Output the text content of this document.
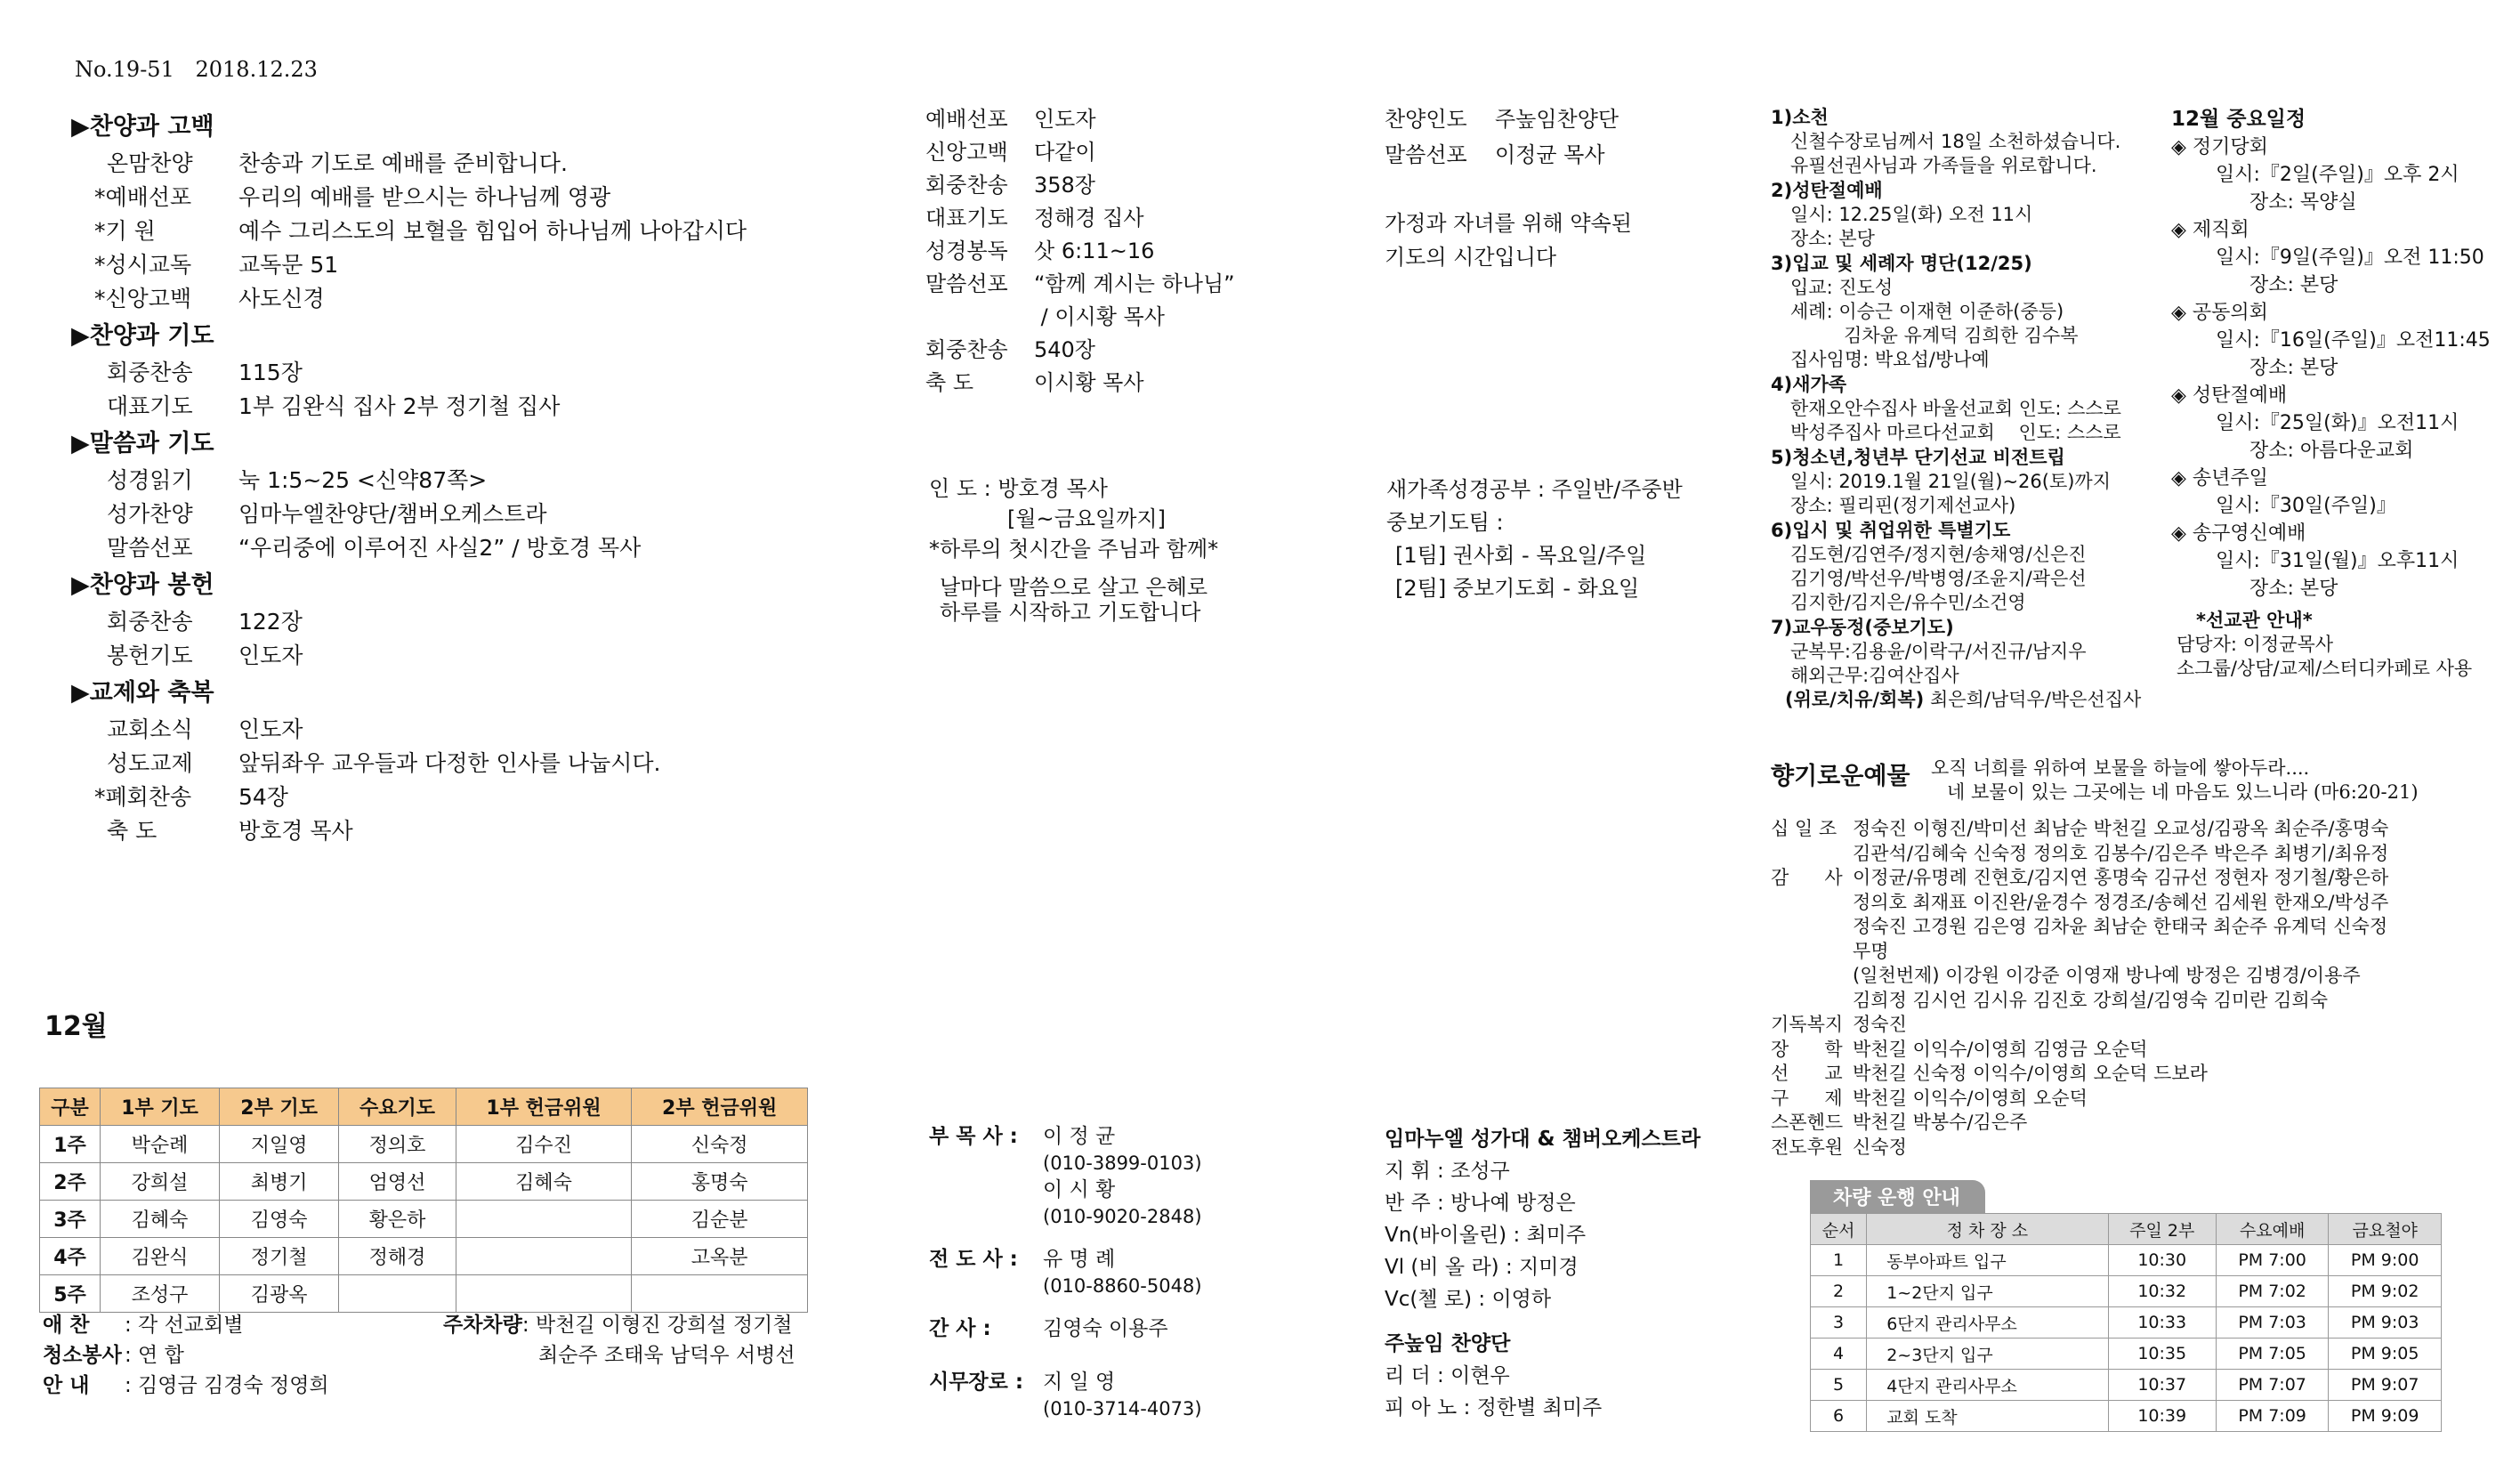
No.19-51 2018.12.23
▶찬양과 고백
온맘찬양	찬송과 기도로 예배를 준비합니다.
*예배선포	우리의 예배를 받으시는 하나님께 영광
*기 원	예수 그리스도의 보혈을 힘입어 하나님께 나아갑시다
*성시교독	교독문 51
*신앙고백	사도신경
▶찬양과 기도
회중찬송	115장
대표기도	1부 김완식 집사 2부 정기철 집사
▶말씀과 기도
성경읽기	눅 1:5~25 <신약87쪽>
성가찬양	임마누엘찬양단/챔버오케스트라
말씀선포	“우리중에 이루어진 사실2” / 방호경 목사
▶찬양과 봉헌
회중찬송	122장
봉헌기도	인도자
▶교제와 축복
교회소식	인도자
성도교제	앞뒤좌우 교우들과 다정한 인사를 나눕시다.
*폐회찬송	54장
축 도	방호경 목사
12월
구분	1부 기도	2부 기도	수요기도	1부 헌금위원	2부 헌금위원
1주	박순례	지일영	정의호	김수진	신숙정
2주	강희설	최병기	엄영선	김혜숙	홍명숙
3주	김혜숙	김영숙	황은하		김순분
4주	김완식	정기철	정해경		고옥분
5주	조성구	김광옥			
애 찬	: 각 선교회별	주차차량 : 박천길 이형진 강희설 정기철
청소봉사 : 연 합	최순주 조태욱 남덕우 서병선
안 내	: 김영금 김경숙 정영희
예배선포	인도자
신앙고백	다같이
회중찬송	358장
대표기도	정해경 집사
성경봉독	삿 6:11~16
말씀선포	“함께 계시는 하나님”
/ 이시황 목사
회중찬송	540장
축 도	이시황 목사
인 도 : 방호경 목사
[월~금요일까지]
*하루의 첫시간을 주님과 함께*
날마다 말씀으로 살고 은혜로
하루를 시작하고 기도합니다
부 목 사 :	이 정 균
(010-3899-0103)
이 시 황
(010-9020-2848)
전 도 사 :	유 명 례
(010-8860-5048)
간 사 :	김영숙 이용주
시무장로 : 지 일 영
(010-3714-4073)
찬양인도	주높임찬양단
말씀선포	이정균 목사
가정과 자녀를 위해 약속된
기도의 시간입니다
새가족성경공부 : 주일반/주중반
중보기도팀 :
[1팀] 권사회 - 목요일/주일
[2팀] 중보기도회 - 화요일
임마누엘 성가대 & 챔버오케스트라
지 휘 : 조성구
반 주 : 방나예 방정은
Vn(바이올린) : 최미주
Vl (비 올 라) : 지미경
Vc(첼 로) : 이영하
주높임 찬양단
리 더 : 이현우
피 아 노 : 정한별 최미주
1)소천
신철수장로님께서 18일 소천하셨습니다.
유필선권사님과 가족들을 위로합니다.
2)성탄절예배
일시: 12.25일(화) 오전 11시
장소: 본당
3)입교 및 세례자 명단(12/25)
입교: 진도성
세례: 이승근 이재현 이준하(중등)
김차윤 유계덕 김희한 김수복
집사임명: 박요섭/방나예
4)새가족
한재오안수집사 바울선교회 인도: 스스로
박성주집사 마르다선교회    인도: 스스로
5)청소년,청년부 단기선교 비전트립
일시: 2019.1월 21일(월)~26(토)까지
장소: 필리핀(정기제선교사)
6)입시 및 취업위한 특별기도
김도현/김연주/정지현/송채영/신은진
김기영/박선우/박병영/조윤지/곽은선
김지한/김지은/유수민/소건영
7)교우동정(중보기도)
군복무:김용윤/이락구/서진규/남지우
해외근무:김여산집사
(위로/치유/회복) 최은희/남덕우/박은선집사
12월 중요일정
◈ 정기당회
일시:『2일(주일)』오후 2시
장소: 목양실
◈ 제직회
일시:『9일(주일)』오전 11:50
장소: 본당
◈ 공동의회
일시:『16일(주일)』오전11:45
장소: 본당
◈ 성탄절예배
일시:『25일(화)』오전11시
장소: 아름다운교회
◈ 송년주일
일시:『30일(주일)』
◈ 송구영신예배
일시:『31일(월)』오후11시
장소: 본당
*선교관 안내*
담당자: 이정균목사
소그룹/상담/교제/스터디카페로 사용
향기로운예물	오직 너희를 위하여 보물을 하늘에 쌓아두라....
네 보물이 있는 그곳에는 네 마음도 있느니라 (마6:20-21)
십 일 조 정숙진 이형진/박미선 최남순 박천길 오교성/김광옥 최순주/홍명숙
김관석/김혜숙 신숙정 정의호 김봉수/김은주 박은주 최병기/최유정
감      사 이정균/유명례 진현호/김지연 홍명숙 김규선 정현자 정기철/황은하
정의호 최재표 이진완/윤경수 정경조/송혜선 김세원 한재오/박성주
정숙진 고경원 김은영 김차윤 최남순 한태국 최순주 유계덕 신숙정
무명
(일천번제) 이강원 이강준 이영재 방나예 방정은 김병경/이용주
김희정 김시언 김시유 김진호 강희설/김영숙 김미란 김희숙
기독복지 정숙진
장      학 박천길 이익수/이영희 김영금 오순덕
선      교 박천길 신숙정 이익수/이영희 오순덕 드보라
구      제 박천길 이익수/이영희 오순덕
스폰헨드 박천길 박봉수/김은주
전도후원 신숙정
차량 운행 안내
순서	정 차 장 소	주일 2부	수요예배	금요철야
1	동부아파트 입구	10:30	PM 7:00	PM 9:00
2	1~2단지 입구	10:32	PM 7:02	PM 9:02
3	6단지 관리사무소	10:33	PM 7:03	PM 9:03
4	2~3단지 입구	10:35	PM 7:05	PM 9:05
5	4단지 관리사무소	10:37	PM 7:07	PM 9:07
6	교회 도착	10:39	PM 7:09	PM 9:09
